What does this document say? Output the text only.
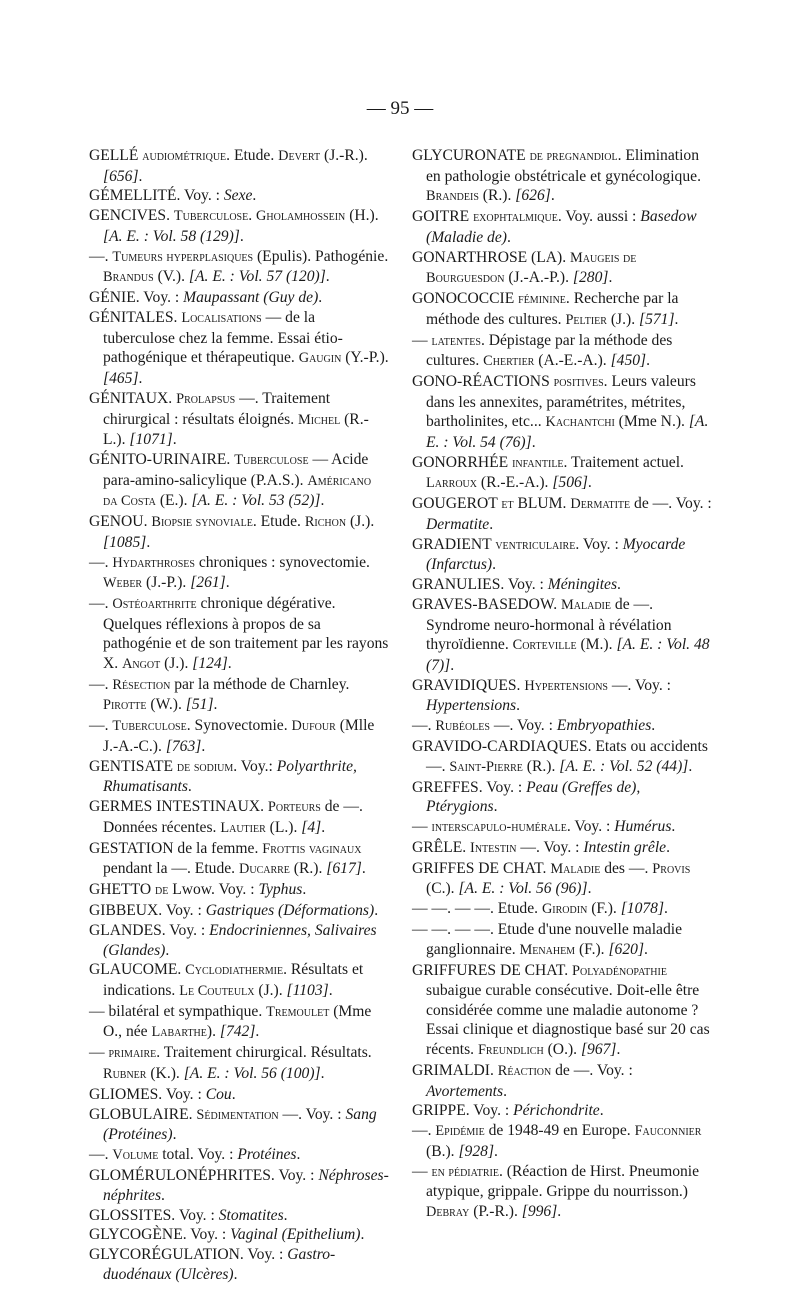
— 95 —

GELLÉ audiométrique. Etude. Devert (J.-R.). [656].

GÉMELLITÉ. Voy. : Sexe.

GENCIVES. Tuberculose. Gholamhossein (H.). [A. E. : Vol. 58 (129)].

—. Tumeurs hyperplasiques (Epulis). Pathogénie. Brandus (V.). [A. E. : Vol. 57 (120)].

GÉNIE. Voy. : Maupassant (Guy de).

GÉNITALES. Localisations — de la tuberculose chez la femme. Essai étio-pathogénique et thérapeutique. Gaugin (Y.-P.). [465].

GÉNITAUX. Prolapsus —. Traitement chirurgical : résultats éloignés. Michel (R.-L.). [1071].

GÉNITO-URINAIRE. Tuberculose — Acide para-amino-salicylique (P.A.S.). Américano da Costa (E.). [A. E. : Vol. 53 (52)].

GENOU. Biopsie synoviale. Etude. Richon (J.). [1085].

—. Hydarthroses chroniques : synovectomie. Weber (J.-P.). [261].

—. Ostéoarthrite chronique dégérative. Quelques réflexions à propos de sa pathogénie et de son traitement par les rayons X. Angot (J.). [124].

—. Résection par la méthode de Charnley. Pirotte (W.). [51].

—. Tuberculose. Synovectomie. Dufour (Mlle J.-A.-C.). [763].

GENTISATE de sodium. Voy.: Polyarthrite, Rhumatisants.

GERMES INTESTINAUX. Porteurs de —. Données récentes. Lautier (L.). [4].

GESTATION de la femme. Frottis vaginaux pendant la —. Etude. Ducarre (R.). [617].

GHETTO de Lwow. Voy. : Typhus.

GIBBEUX. Voy. : Gastriques (Déformations).

GLANDES. Voy. : Endocriniennes, Salivaires (Glandes).

GLAUCOME. Cyclodiathermie. Résultats et indications. Le Couteulx (J.). [1103].

— bilatéral et sympathique. Tremoulet (Mme O., née Labarthe). [742].

— primaire. Traitement chirurgical. Résultats. Rubner (K.). [A. E. : Vol. 56 (100)].

GLIOMES. Voy. : Cou.

GLOBULAIRE. Sédimentation —. Voy. : Sang (Protéines).

—. Volume total. Voy. : Protéines.

GLOMÉRULONÉPHRITES. Voy. : Néphroses-néphrites.

GLOSSITES. Voy. : Stomatites.

GLYCOGÈNE. Voy. : Vaginal (Epithelium).

GLYCORÉGULATION. Voy. : Gastro-duodénaux (Ulcères).

GLYCURONATE de pregnandiol. Elimination en pathologie obstétricale et gynécologique. Brandeis (R.). [626].

GOITRE exophtalmique. Voy. aussi : Basedow (Maladie de).

GONARTHROSE (LA). Maugeis de Bourguesdon (J.-A.-P.). [280].

GONOCOCCIE féminine. Recherche par la méthode des cultures. Peltier (J.). [571].

— latentes. Dépistage par la méthode des cultures. Chertier (A.-E.-A.). [450].

GONO-RÉACTIONS positives. Leurs valeurs dans les annexites, paramétrites, métrites, bartholinites, etc... Kachantchi (Mme N.). [A. E. : Vol. 54 (76)].

GONORRHÉE infantile. Traitement actuel. Larroux (R.-E.-A.). [506].

GOUGEROT et BLUM. Dermatite de —. Voy. : Dermatite.

GRADIENT ventriculaire. Voy. : Myocarde (Infarctus).

GRANULIES. Voy. : Méningites.

GRAVES-BASEDOW. Maladie de —. Syndrome neuro-hormonal à révélation thyroïdienne. Corteville (M.). [A. E. : Vol. 48 (7)].

GRAVIDIQUES. Hypertensions —. Voy. : Hypertensions.

—. Rubéoles —. Voy. : Embryopathies.

GRAVIDO-CARDIAQUES. Etats ou accidents —. Saint-Pierre (R.). [A. E. : Vol. 52 (44)].

GREFFES. Voy. : Peau (Greffes de), Ptérygions.

— interscapulo-humérale. Voy. : Humérus.

GRÊLE. Intestin —. Voy. : Intestin grêle.

GRIFFES DE CHAT. Maladie des —. Provis (C.). [A. E. : Vol. 56 (96)].

— —. — —. Etude. Girodin (F.). [1078].

— —. — —. Etude d'une nouvelle maladie ganglionnaire. Menahem (F.). [620].

GRIFFURES DE CHAT. Polyadénopathie subaigue curable consécutive. Doit-elle être considérée comme une maladie autonome ? Essai clinique et diagnostique basé sur 20 cas récents. Freundlich (O.). [967].

GRIMALDI. Réaction de —. Voy. : Avortements.

GRIPPE. Voy. : Périchondrite.

—. Epidémie de 1948-49 en Europe. Fauconnier (B.). [928].

— en pédiatrie. (Réaction de Hirst. Pneumonie atypique, grippale. Grippe du nourrisson.) Debray (P.-R.). [996].
